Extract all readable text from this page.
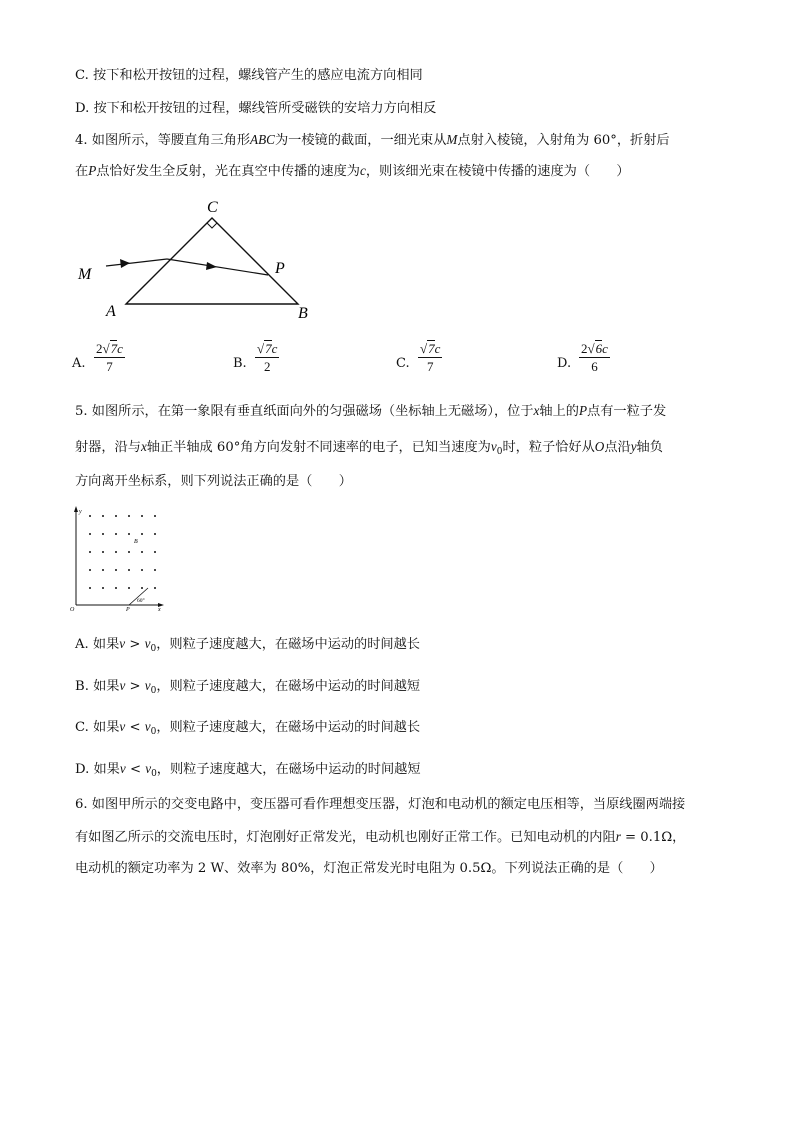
C. 按下和松开按钮的过程，螺线管产生的感应电流方向相同
D. 按下和松开按钮的过程，螺线管所受磁铁的安培力方向相反
4. 如图所示，等腰直角三角形ABC为一棱镜的截面，一细光束从M点射入棱镜，入射角为 60°，折射后
在P点恰好发生全反射，光在真空中传播的速度为c，则该细光束在棱镜中传播的速度为（　　）
C
M	P
A	B
A. $\frac{2√7c}{7}$	B. $\frac{√7c}{2}$	C. $\frac{√7c}{7}$	D. $\frac{2√6c}{6}$
5. 如图所示，在第一象限有垂直纸面向外的匀强磁场（坐标轴上无磁场），位于x轴上的P点有一粒子发
射器，沿与x轴正半轴成 60°角方向发射不同速率的电子，已知当速度为$v_0$时，粒子恰好从O点沿y轴负
方向离开坐标系，则下列说法正确的是（　　）
y
O	x
P
B
60°
A. 如果$v > v_0$，则粒子速度越大，在磁场中运动的时间越长
B. 如果$v > v_0$，则粒子速度越大，在磁场中运动的时间越短
C. 如果$v < v_0$，则粒子速度越大，在磁场中运动的时间越长
D. 如果$v < v_0$，则粒子速度越大，在磁场中运动的时间越短
6. 如图甲所示的交变电路中，变压器可看作理想变压器，灯泡和电动机的额定电压相等，当原线圈两端接
有如图乙所示的交流电压时，灯泡刚好正常发光，电动机也刚好正常工作。已知电动机的内阻r = 0.1Ω，
电动机的额定功率为 2 W、效率为 80%，灯泡正常发光时电阻为 0.5Ω。下列说法正确的是（　　）
